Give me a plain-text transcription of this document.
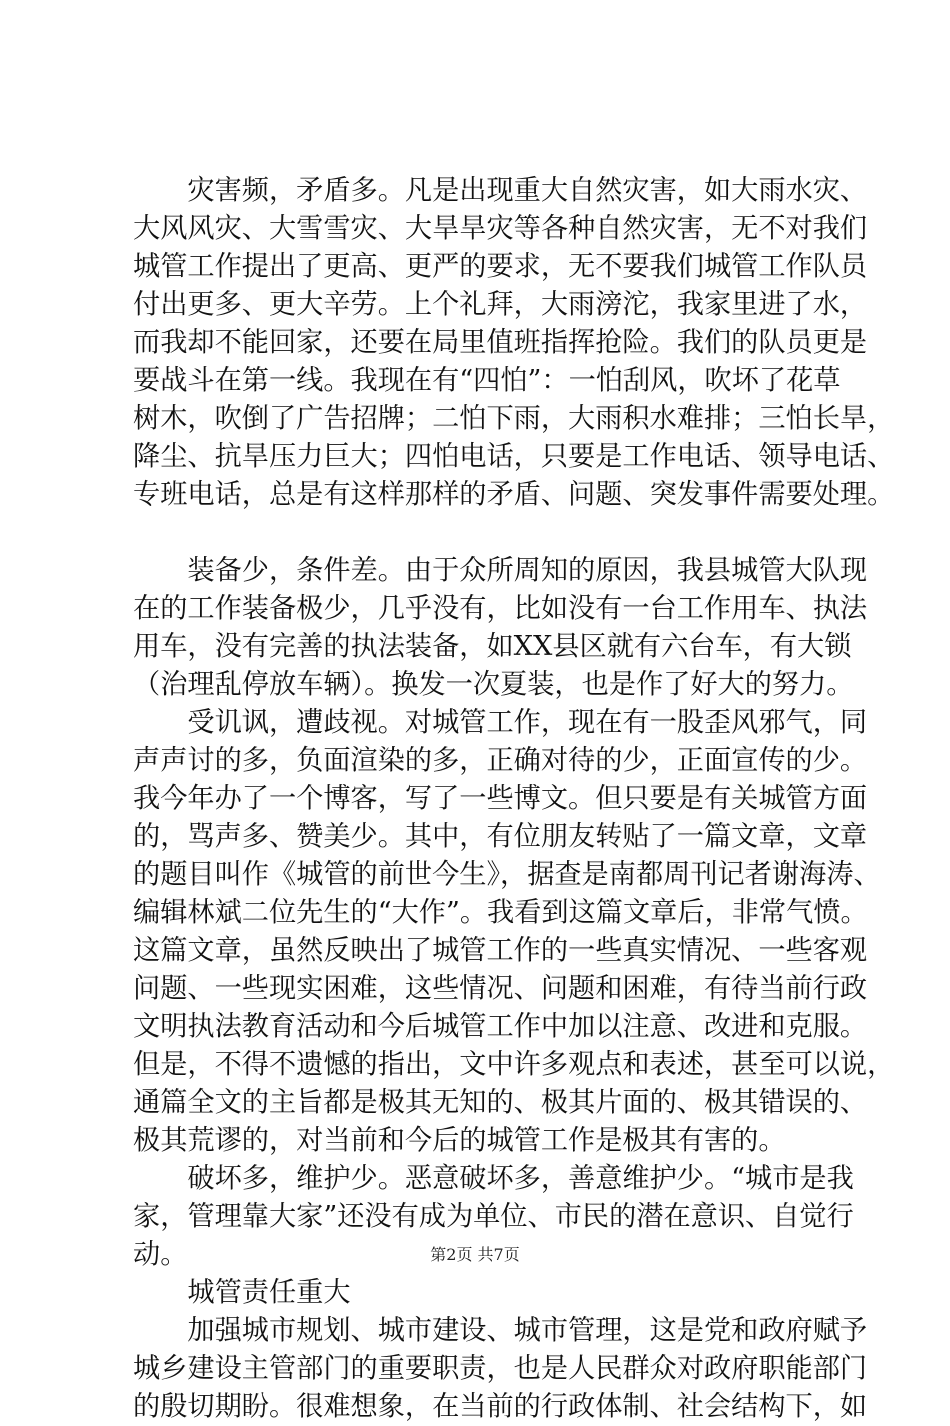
　　灾害频，矛盾多。凡是出现重大自然灾害，如大雨水灾、
大风风灾、大雪雪灾、大旱旱灾等各种自然灾害，无不对我们
城管工作提出了更高、更严的要求，无不要我们城管工作队员
付出更多、更大辛劳。上个礼拜，大雨滂沱，我家里进了水，
而我却不能回家，还要在局里值班指挥抢险。我们的队员更是
要战斗在第一线。我现在有“四怕”：一怕刮风，吹坏了花草
树木，吹倒了广告招牌；二怕下雨，大雨积水难排；三怕长旱，
降尘、抗旱压力巨大；四怕电话，只要是工作电话、领导电话、
专班电话，总是有这样那样的矛盾、问题、突发事件需要处理。
　　装备少，条件差。由于众所周知的原因，我县城管大队现
在的工作装备极少，几乎没有，比如没有一台工作用车、执法
用车，没有完善的执法装备，如XX县区就有六台车，有大锁
（治理乱停放车辆）。换发一次夏装，也是作了好大的努力。
　　受讥讽，遭歧视。对城管工作，现在有一股歪风邪气，同
声声讨的多，负面渲染的多，正确对待的少，正面宣传的少。
我今年办了一个博客，写了一些博文。但只要是有关城管方面
的，骂声多、赞美少。其中，有位朋友转贴了一篇文章，文章
的题目叫作《城管的前世今生》，据查是南都周刊记者谢海涛、
编辑林斌二位先生的“大作”。我看到这篇文章后，非常气愤。
这篇文章，虽然反映出了城管工作的一些真实情况、一些客观
问题、一些现实困难，这些情况、问题和困难，有待当前行政
文明执法教育活动和今后城管工作中加以注意、改进和克服。
但是，不得不遗憾的指出，文中许多观点和表述，甚至可以说，
通篇全文的主旨都是极其无知的、极其片面的、极其错误的、
极其荒谬的，对当前和今后的城管工作是极其有害的。
　　破坏多，维护少。恶意破坏多，善意维护少。“城市是我
家，管理靠大家”还没有成为单位、市民的潜在意识、自觉行
动。
　　城管责任重大
　　加强城市规划、城市建设、城市管理，这是党和政府赋予
城乡建设主管部门的重要职责，也是人民群众对政府职能部门
的殷切期盼。很难想象，在当前的行政体制、社会结构下，如
第2页 共7页
